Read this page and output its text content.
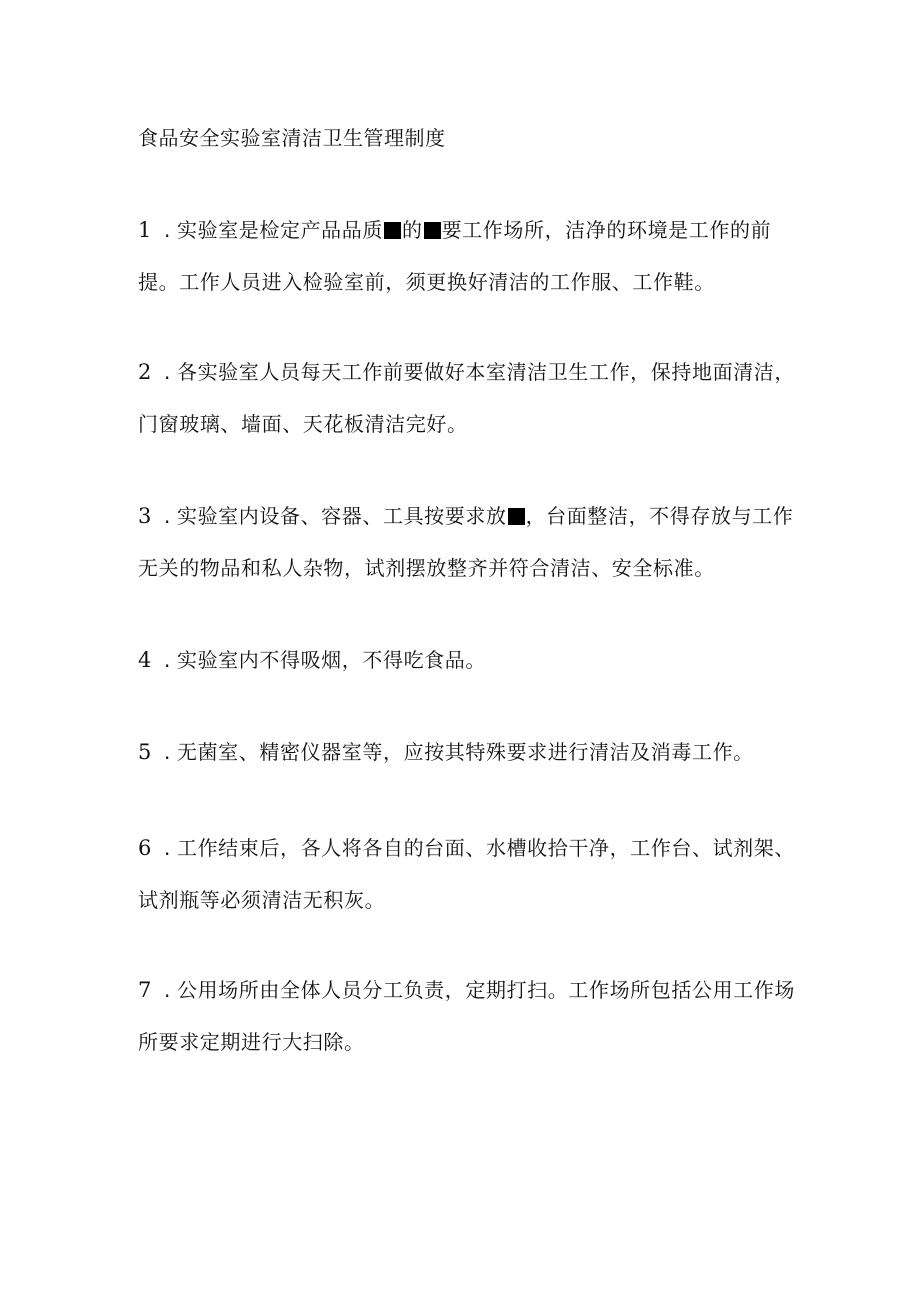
食品安全实验室清洁卫生管理制度

1 . 实验室是检定产品品质 的 要工作场所，洁净的环境是工作的前提。工作人员进入检验室前，须更换好清洁的工作服、工作鞋。

2 . 各实验室人员每天工作前要做好本室清洁卫生工作，保持地面清洁，门窗玻璃、墙面、天花板清洁完好。

3 . 实验室内设备、容器、工具按要求放 ，台面整洁，不得存放与工作无关的物品和私人杂物，试剂摆放整齐并符合清洁、安全标准。

4 . 实验室内不得吸烟，不得吃食品。

5 . 无菌室、精密仪器室等，应按其特殊要求进行清洁及消毒工作。

6 . 工作结束后，各人将各自的台面、水槽收拾干净，工作台、试剂架、试剂瓶等必须清洁无积灰。

7 . 公用场所由全体人员分工负责，定期打扫。工作场所包括公用工作场所要求定期进行大扫除。
